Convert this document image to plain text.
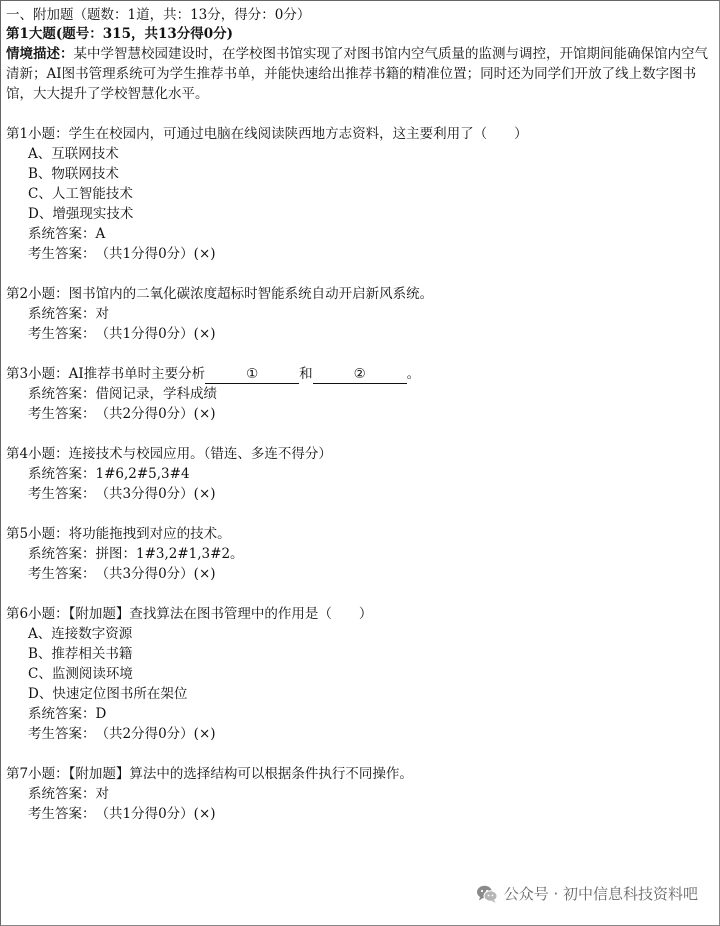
一、附加题（题数：1道，共：13分，得分：0分）
第1大题(题号：315，共13分得0分)
情境描述：某中学智慧校园建设时，在学校图书馆实现了对图书馆内空气质量的监测与调控，开馆期间能确保馆内空气清新；AI图书管理系统可为学生推荐书单，并能快速给出推荐书籍的精准位置；同时还为同学们开放了线上数字图书馆，大大提升了学校智慧化水平。
第1小题：学生在校园内，可通过电脑在线阅读陕西地方志资料，这主要利用了（　　）
A、互联网技术
B、物联网技术
C、人工智能技术
D、增强现实技术
系统答案：A
考生答案：　（共1分得0分）(×)
第2小题：图书馆内的二氧化碳浓度超标时智能系统自动开启新风系统。
系统答案：对
考生答案：　（共1分得0分）(×)
第3小题：AI推荐书单时主要分析	①	和	②	。
系统答案：借阅记录，学科成绩
考生答案：　（共2分得0分）(×)
第4小题：连接技术与校园应用。（错连、多连不得分）
系统答案：1#6,2#5,3#4
考生答案：　（共3分得0分）(×)
第5小题：将功能拖拽到对应的技术。
系统答案：拼图：1#3,2#1,3#2。
考生答案：　（共3分得0分）(×)
第6小题：【附加题】查找算法在图书管理中的作用是（　　）
A、连接数字资源
B、推荐相关书籍
C、监测阅读环境
D、快速定位图书所在架位
系统答案：D
考生答案：　（共2分得0分）(×)
第7小题：【附加题】算法中的选择结构可以根据条件执行不同操作。
系统答案：对
考生答案：　（共1分得0分）(×)
公众号 · 初中信息科技资料吧
